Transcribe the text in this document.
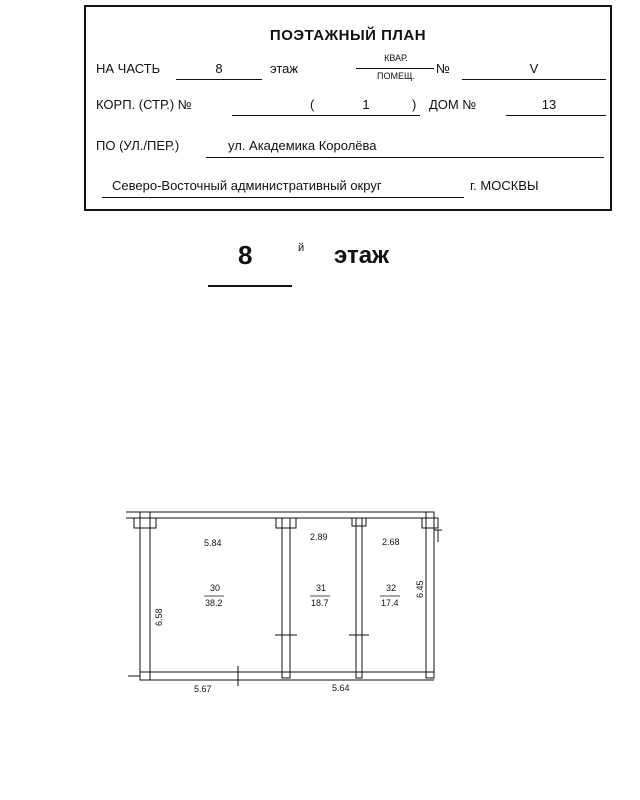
ПОЭТАЖНЫЙ ПЛАН
НА ЧАСТЬ	8	этаж
КВАР.
ПОМЕЩ.	№	V
КОРП. (СТР.) №	(	1	) ДОМ №	13
ПО (УЛ./ПЕР.)	ул. Академика Королёва
Северо-Восточный административный округ	г. МОСКВЫ
8	й этаж
5.84
2.89	2.68
30
38.2
31
18.7
32
17.4
6.58
6.45
5.67	5.64
